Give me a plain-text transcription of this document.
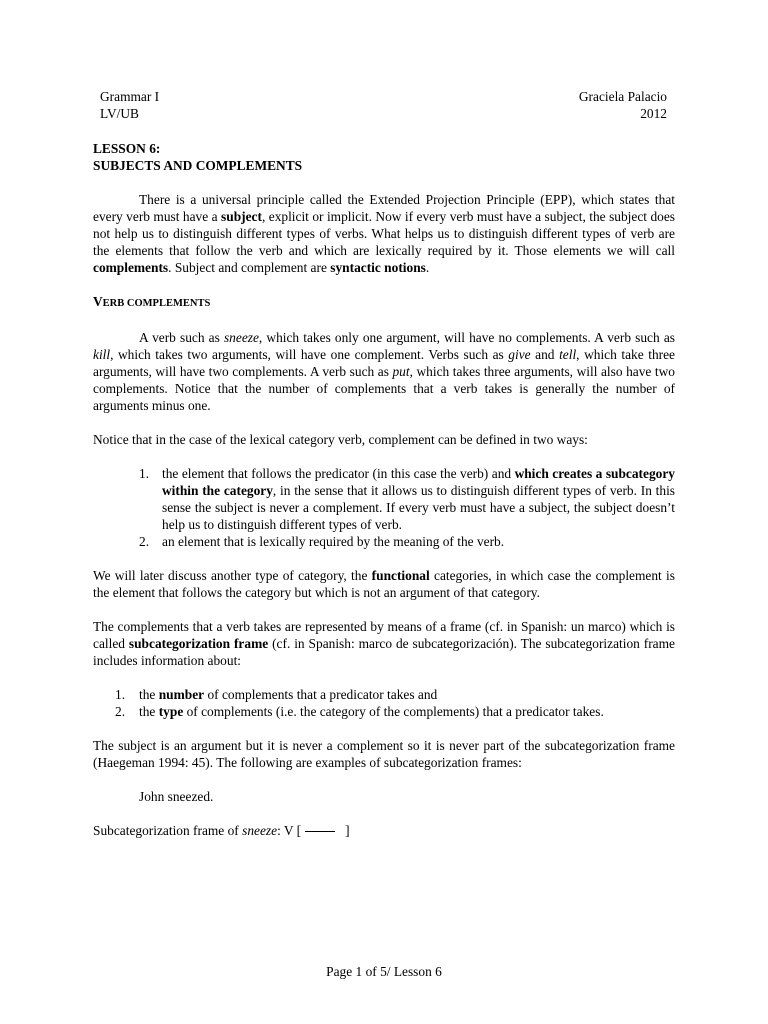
Grammar I
LV/UB
Graciela Palacio
2012
LESSON 6:
SUBJECTS AND COMPLEMENTS

There is a universal principle called the Extended Projection Principle (EPP), which states that every verb must have a subject, explicit or implicit. Now if every verb must have a subject, the subject does not help us to distinguish different types of verbs. What helps us to distinguish different types of verb are the elements that follow the verb and which are lexically required by it. Those elements we will call complements. Subject and complement are syntactic notions.

VERB COMPLEMENTS

A verb such as sneeze, which takes only one argument, will have no complements. A verb such as kill, which takes two arguments, will have one complement. Verbs such as give and tell, which take three arguments, will have two complements. A verb such as put, which takes three arguments, will also have two complements. Notice that the number of complements that a verb takes is generally the number of arguments minus one.

Notice that in the case of the lexical category verb, complement can be defined in two ways:

1. the element that follows the predicator (in this case the verb) and which creates a subcategory within the category, in the sense that it allows us to distinguish different types of verb. In this sense the subject is never a complement. If every verb must have a subject, the subject doesn’t help us to distinguish different types of verb.
2. an element that is lexically required by the meaning of the verb.

We will later discuss another type of category, the functional categories, in which case the complement is the element that follows the category but which is not an argument of that category.

The complements that a verb takes are represented by means of a frame (cf. in Spanish: un marco) which is called subcategorization frame (cf. in Spanish: marco de subcategorización). The subcategorization frame includes information about:

1. the number of complements that a predicator takes and
2. the type of complements (i.e. the category of the complements) that a predicator takes.

The subject is an argument but it is never a complement so it is never part of the subcategorization frame (Haegeman 1994: 45). The following are examples of subcategorization frames:

John sneezed.

Subcategorization frame of sneeze: V [	]

Page 1 of 5/ Lesson 6
